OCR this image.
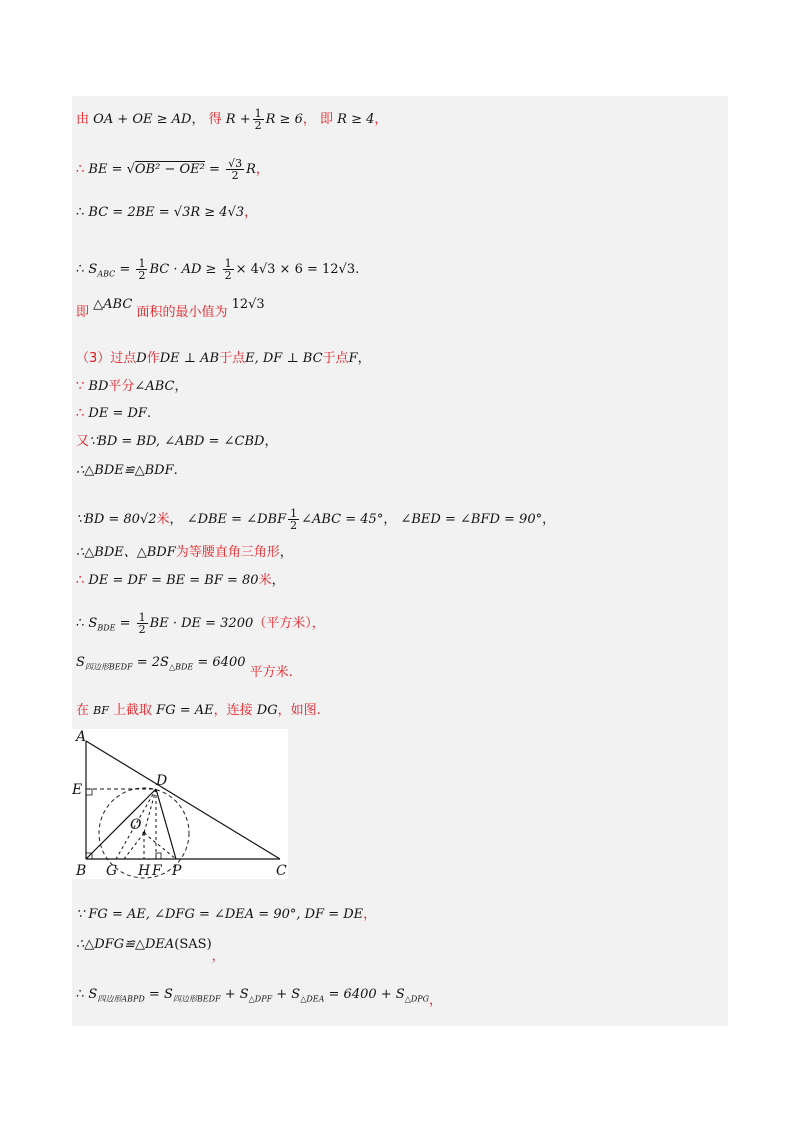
由 OA + OE ≥ AD， 得 $R + \frac{1}{2}$ R ≥ 6， 即 R ≥ 4，
∴ BE = $√OB^2 - OE^2 = \frac{√3}{2}$ R，
∴ BC = 2BE = √3R ≥ 4√3，
∴ $S_{ABC} = \frac{1}{2}$ BC · AD ≥ $\frac{1}{2} \times 4√3 \times 6 = 12√3$.
即 △ABC 面积的最小值为 12√3
（3）过点D作DE ⊥ AB于点E, DF ⊥ BC于点F，
∵ BD平分∠ABC，
∴ DE = DF.
又∵BD = BD, ∠ABD = ∠CBD，
∴△BDE≌△BDF.
∵BD = 80√2米， ∠DBE = ∠DBF $\frac{1}{2}$ ∠ABC = 45°， ∠BED = ∠BFD = 90°，
∴△BDE、△BDF为等腰直角三角形，
∴ DE = DF = BE = BF = 80米，
∴ $S_{BDE} = \frac{1}{2}$ BE · DE = 3200（平方米），
$S_{四边形BEDF} = 2S_{\triangle BDE} = 6400$ 平方米.
在 BF 上截取 FG = AE，连接 DG，如图.
A
E
B G H F P	C
D
O
∵ FG = AE, ∠DFG = ∠DEA = 90°, DF = DE，
∴△DFG≌△DEA(SAS)，
∴ $S_{四边形ABPD} = S_{四边形BEDF} + S_{\triangle DPF} + S_{\triangle DEA} = 6400 + S_{\triangle DPG}$，
